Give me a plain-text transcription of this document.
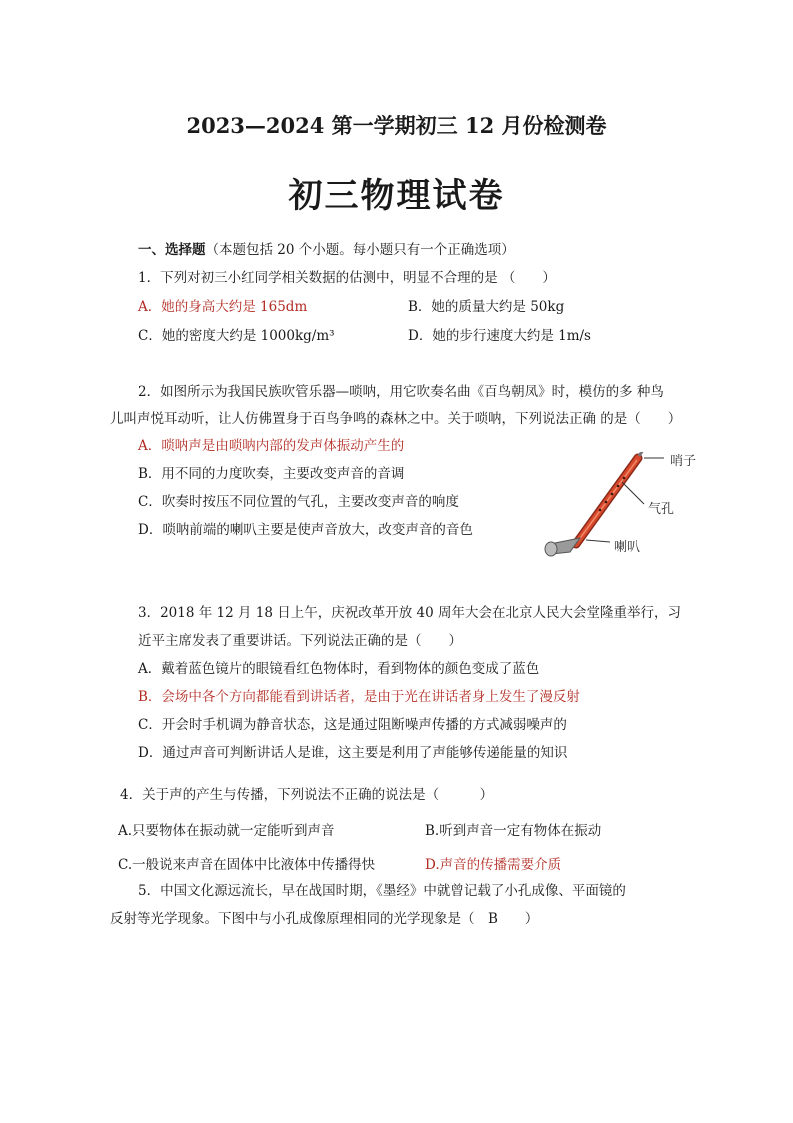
2023—2024 第一学期初三 12 月份检测卷
初三物理试卷
一、选择题（本题包括 20 个小题。每小题只有一个正确选项）
1．下列对初三小红同学相关数据的估测中，明显不合理的是 （　　）
A．她的身高大约是 165dm	B．她的质量大约是 50kg
C．她的密度大约是 1000kg/m³	D．她的步行速度大约是 1m/s
2．如图所示为我国民族吹管乐器—唢呐，用它吹奏名曲《百鸟朝凤》时，模仿的多 种鸟
儿叫声悦耳动听，让人仿佛置身于百鸟争鸣的森林之中。关于唢呐，下列说法正确 的是（　　）
A．唢呐声是由唢呐内部的发声体振动产生的
B．用不同的力度吹奏，主要改变声音的音调
C．吹奏时按压不同位置的气孔，主要改变声音的响度
D．唢呐前端的喇叭主要是使声音放大，改变声音的音色
哨子
气孔
喇叭
3．2018 年 12 月 18 日上午，庆祝改革开放 40 周年大会在北京人民大会堂隆重举行，习
近平主席发表了重要讲话。下列说法正确的是（　　）
A．戴着蓝色镜片的眼镜看红色物体时，看到物体的颜色变成了蓝色
B．会场中各个方向都能看到讲话者，是由于光在讲话者身上发生了漫反射
C．开会时手机调为静音状态，这是通过阻断噪声传播的方式减弱噪声的
D．通过声音可判断讲话人是谁，这主要是利用了声能够传递能量的知识
4．关于声的产生与传播，下列说法不正确的说法是（　　　）
A.只要物体在振动就一定能听到声音	B.听到声音一定有物体在振动
C.一般说来声音在固体中比液体中传播得快	D.声音的传播需要介质
5．中国文化源远流长，早在战国时期，《墨经》中就曾记载了小孔成像、平面镜的
反射等光学现象。下图中与小孔成像原理相同的光学现象是（　B　　）
